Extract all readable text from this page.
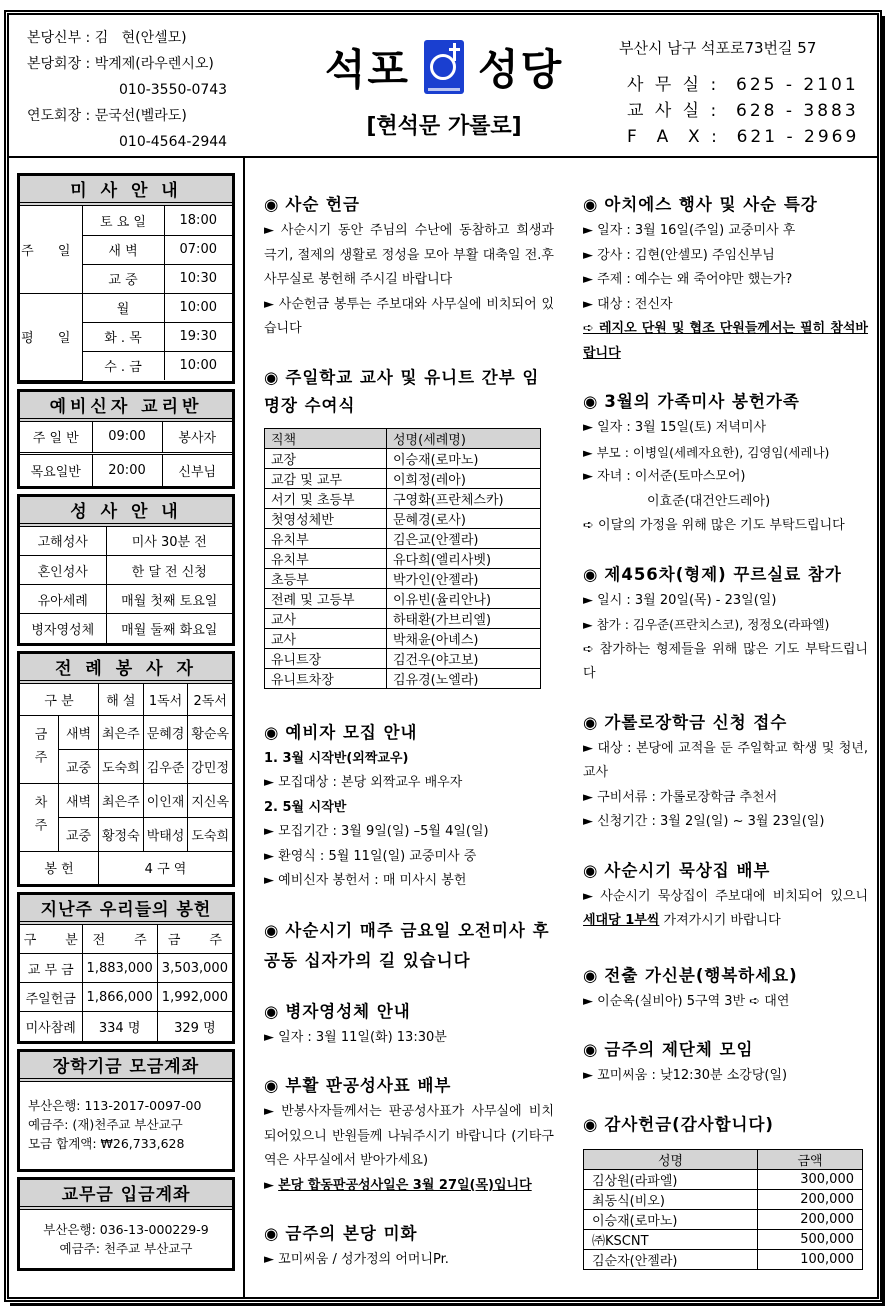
본당신부 : 김   현(안셀모)
본당회장 : 박계제(라우렌시오)
010-3550-0743
연도회장 : 문국선(벨라도)
010-4564-2944
석포 성당
[현석문 가롤로]
부산시 남구 석포로73번길 57
사 무 실 :  625 - 2101
교 사 실 :  628 - 3883
F  A  X :  621 - 2969
미 사 안 내
주 일	토 요 일	18:00
	새 벽	07:00
	교 중	10:30
평 일	월	10:00
	화 . 목	19:30
	수 . 금	10:00
예비신자 교리반
주 일 반	09:00	봉사자
목요일반	20:00	신부님
성 사 안 내
고해성사	미사 30분 전
혼인성사	한 달 전 신청
유아세례	매월 첫째 토요일
병자영성체	매월 둘째 화요일
전 례 봉 사 자
구 분		해 설	1독서	2독서
금주	새벽	최은주	문혜경	황순옥
	교중	도숙희	김우준	강민정
차주	새벽	최은주	이인재	지신옥
	교중	황정숙	박태성	도숙희
봉 헌		4 구 역		
지난주 우리들의 봉헌
구       분	전       주	금       주
교 무 금	1,883,000	3,503,000
주일헌금	1,866,000	1,992,000
미사참례	334 명	329 명
장학기금 모금계좌
부산은행: 113-2017-0097-00
예금주: (재)천주교 부산교구
모금 합계액: ₩26,733,628
교무금 입금계좌
부산은행: 036-13-000229-9
예금주: 천주교 부산교구
◉ 사순 헌금
► 사순시기 동안 주님의 수난에 동참하고 희생과 극기, 절제의 생활로 정성을 모아 부활 대축일 전.후 사무실로 봉헌해 주시길 바랍니다
► 사순헌금 봉투는 주보대와 사무실에 비치되어 있습니다
◉ 주일학교 교사 및 유니트 간부 임명장 수여식
직책	성명(세례명)
교장	이승재(로마노)
교감 및 교무	이희정(레아)
서기 및 초등부	구영화(프란체스카)
첫영성체반	문혜경(로사)
유치부	김은교(안젤라)
유치부	유다희(엘리사벳)
초등부	박가인(안젤라)
전례 및 고등부	이유빈(율리안나)
교사	하태환(가브리엘)
교사	박채윤(아녜스)
유니트장	김건우(야고보)
유니트차장	김유경(노엘라)
◉ 예비자 모집 안내
1. 3월 시작반(외짝교우)
► 모집대상 : 본당 외짝교우 배우자
2. 5월 시작반
► 모집기간 : 3월 9일(일) –5월 4일(일)
► 환영식 : 5월 11일(일) 교중미사 중
► 예비신자 봉헌서 : 매 미사시 봉헌
◉ 사순시기 매주 금요일 오전미사 후 공동 십자가의 길 있습니다
◉ 병자영성체 안내
► 일자 : 3월 11일(화) 13:30분
◉ 부활 판공성사표 배부
► 반봉사자들께서는 판공성사표가 사무실에 비치되어있으니 반원들께 나눠주시기 바랍니다 (기타구역은 사무실에서 받아가세요)
► 본당 합동판공성사일은 3월 27일(목)입니다
◉ 금주의 본당 미화
► 꼬미씨움 / 성가정의 어머니Pr.
◉ 아치에스 행사 및 사순 특강
► 일자 : 3월 16일(주일) 교중미사 후
► 강사 : 김현(안셀모) 주임신부님
► 주제 : 예수는 왜 죽어야만 했는가?
► 대상 : 전신자
➪ 레지오 단원 및 협조 단원들께서는 필히 참석바랍니다
◉ 3월의 가족미사 봉헌가족
► 일자 : 3월 15일(토) 저녁미사
► 부모 : 이병일(세례자요한), 김영임(세레나)
► 자녀 : 이서준(토마스모어)
이효준(대건안드레아)
➪ 이달의 가정을 위해 많은 기도 부탁드립니다
◉ 제456차(형제) 꾸르실료 참가
► 일시 : 3월 20일(목) - 23일(일)
► 참가 : 김우준(프란치스코), 정정오(라파엘)
➪ 참가하는 형제들을 위해 많은 기도 부탁드립니다
◉ 가롤로장학금 신청 접수
► 대상 : 본당에 교적을 둔 주일학교 학생 및 청년, 교사
► 구비서류 : 가롤로장학금 추천서
► 신청기간 : 3월 2일(일) ~ 3월 23일(일)
◉ 사순시기 묵상집 배부
► 사순시기 묵상집이 주보대에 비치되어 있으니 세대당 1부씩 가져가시기 바랍니다
◉ 전출 가신분(행복하세요)
► 이순옥(실비아) 5구역 3반 ➪ 대연
◉ 금주의 제단체 모임
► 꼬미씨움 : 낮12:30분 소강당(일)
◉ 감사헌금(감사합니다)
성명	금액
김상원(라파엘)	300,000
최동식(비오)	200,000
이승재(로마노)	200,000
㈜KSCNT	500,000
김순자(안젤라)	100,000
